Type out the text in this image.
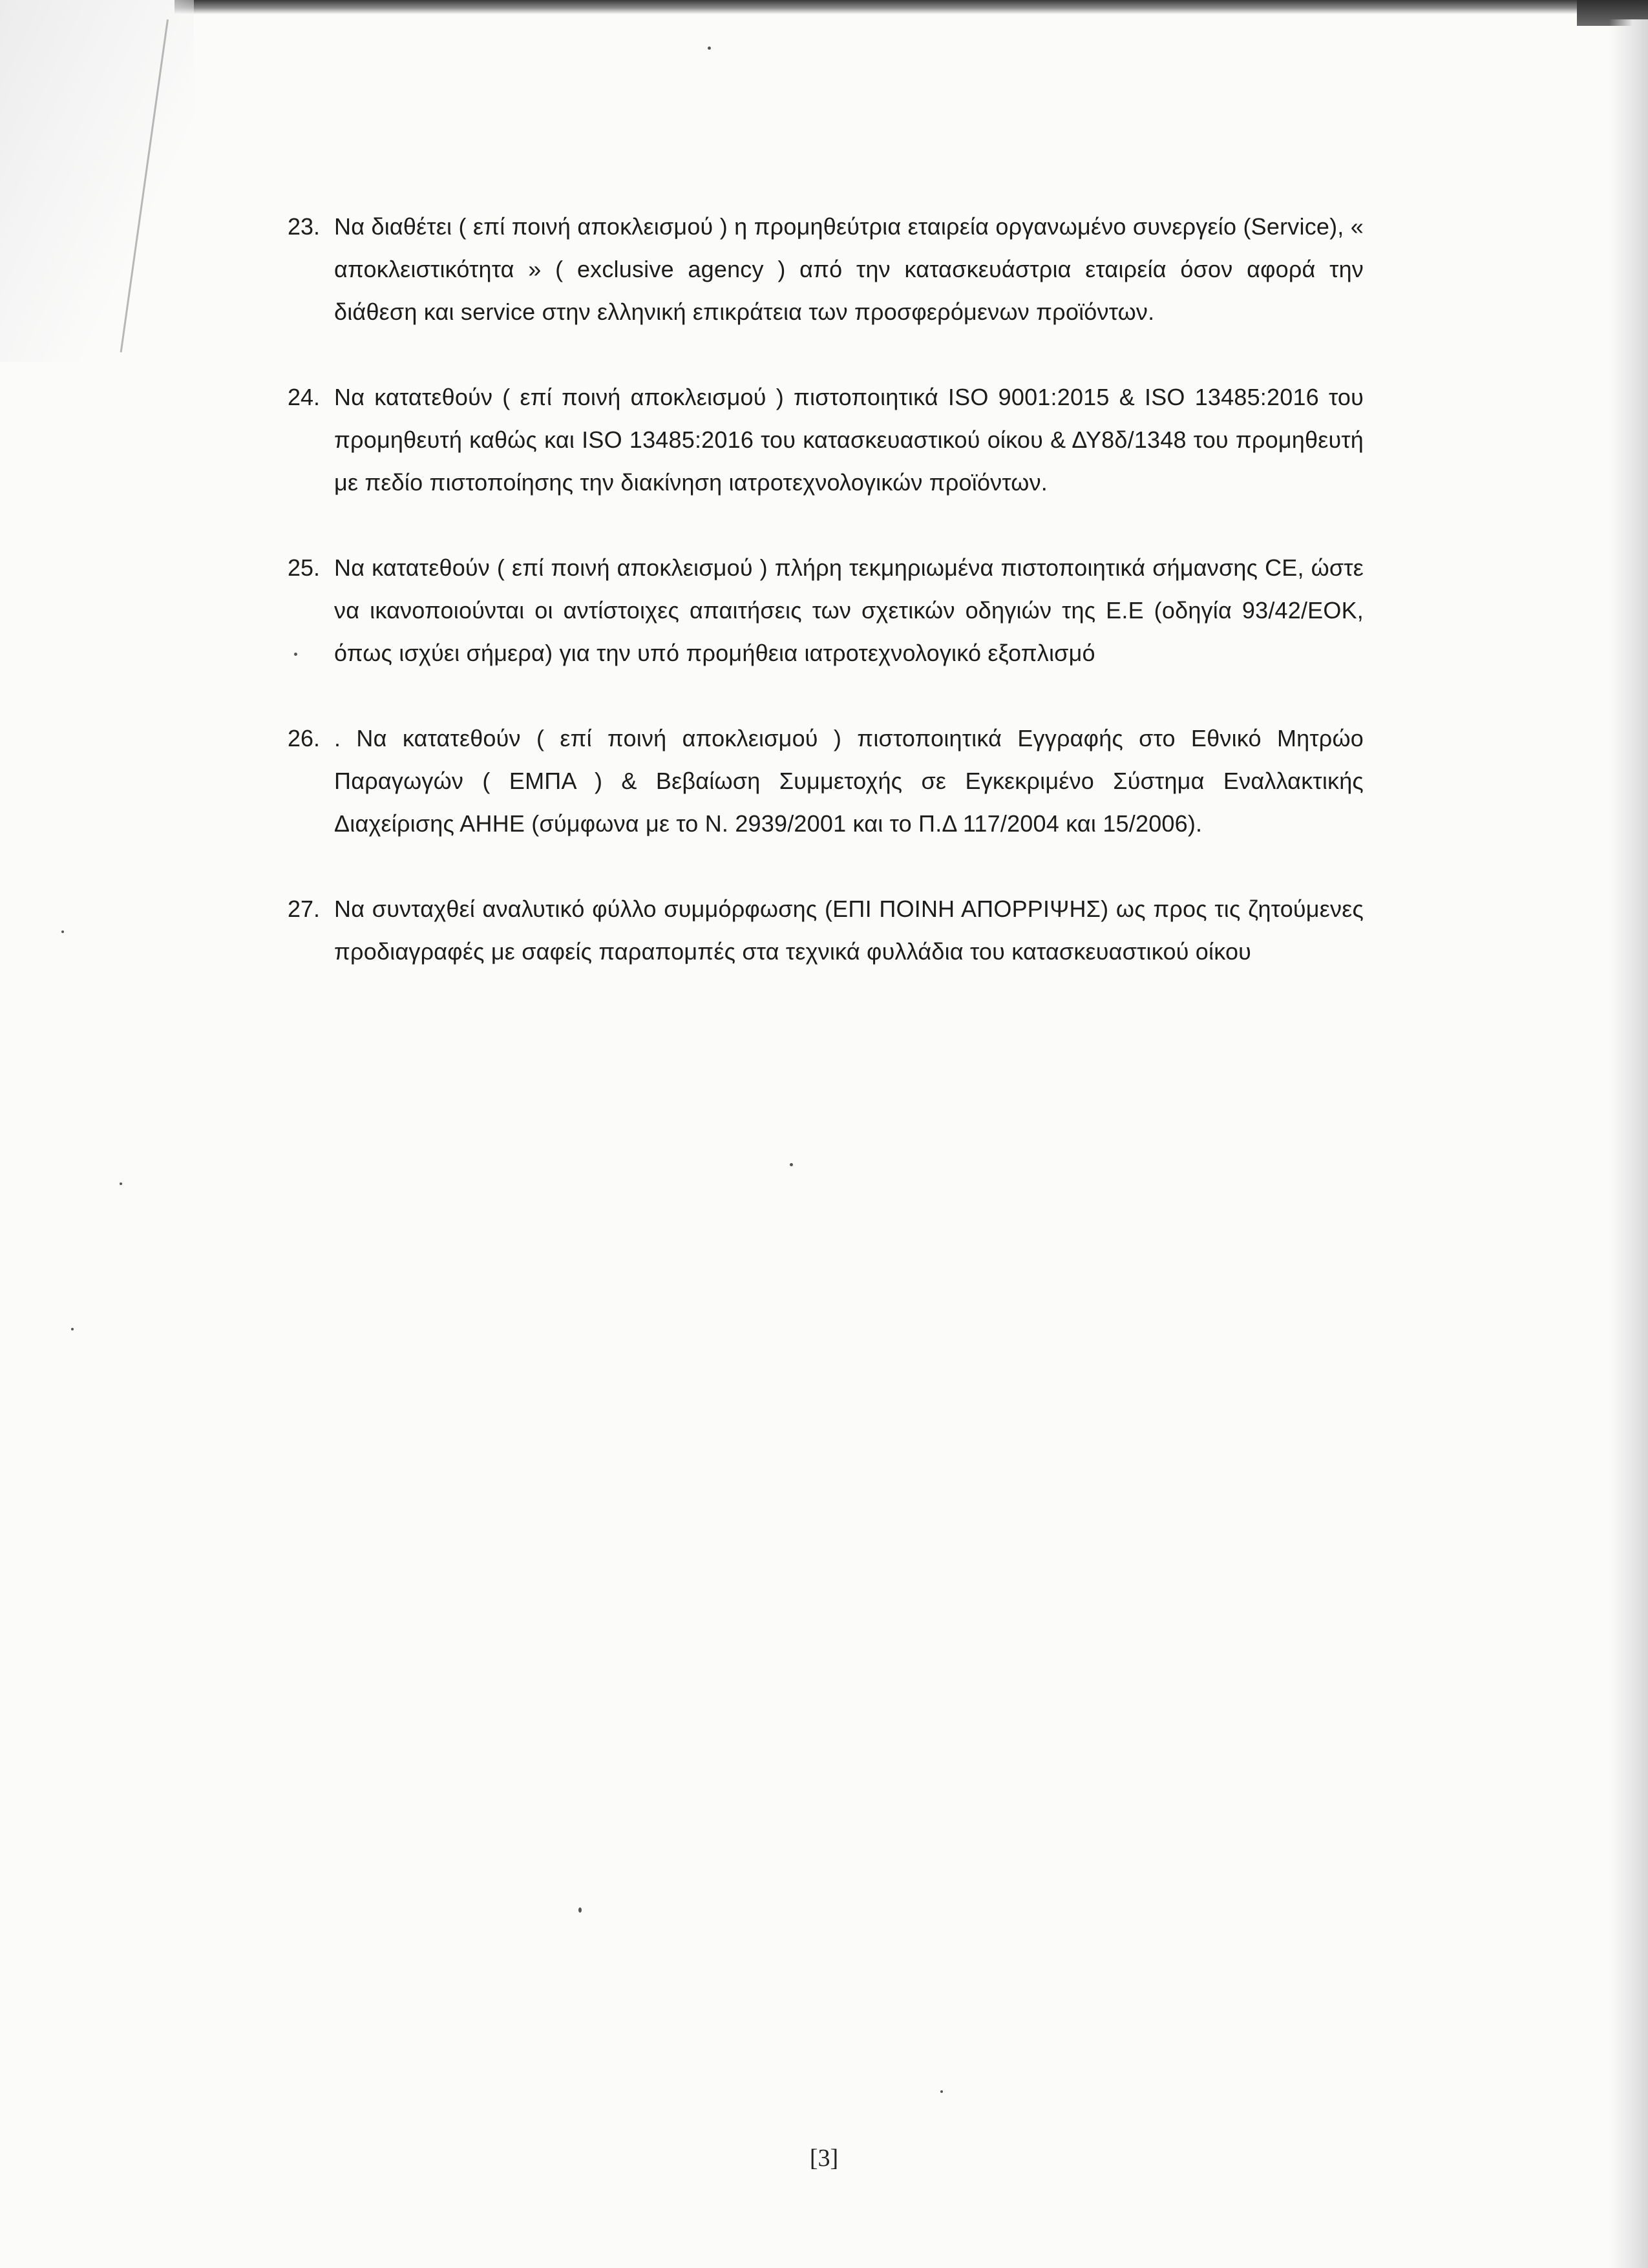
23. Να διαθέτει ( επί ποινή αποκλεισμού ) η προμηθεύτρια εταιρεία οργανωμένο συνεργείο (Service), « αποκλειστικότητα » ( exclusive agency ) από την κατασκευάστρια εταιρεία όσον αφορά την διάθεση και service στην ελληνική επικράτεια των προσφερόμενων προϊόντων.
24. Να κατατεθούν ( επί ποινή αποκλεισμού ) πιστοποιητικά ISO 9001:2015 & ISO 13485:2016 του προμηθευτή καθώς και ISO 13485:2016 του κατασκευαστικού οίκου & ΔΥ8δ/1348 του προμηθευτή με πεδίο πιστοποίησης την διακίνηση ιατροτεχνολογικών προϊόντων.
25. Να κατατεθούν ( επί ποινή αποκλεισμού ) πλήρη τεκμηριωμένα πιστοποιητικά σήμανσης CE, ώστε να ικανοποιούνται οι αντίστοιχες απαιτήσεις των σχετικών οδηγιών της Ε.Ε (οδηγία 93/42/ΕΟΚ, όπως ισχύει σήμερα) για την υπό προμήθεια ιατροτεχνολογικό εξοπλισμό
26. . Να κατατεθούν ( επί ποινή αποκλεισμού ) πιστοποιητικά Εγγραφής στο Εθνικό Μητρώο Παραγωγών ( ΕΜΠΑ ) & Βεβαίωση Συμμετοχής σε Εγκεκριμένο Σύστημα Εναλλακτικής Διαχείρισης ΑΗΗΕ (σύμφωνα με το Ν. 2939/2001 και το Π.Δ 117/2004 και 15/2006).
27. Να συνταχθεί αναλυτικό φύλλο συμμόρφωσης (ΕΠΙ ΠΟΙΝΗ ΑΠΟΡΡΙΨΗΣ) ως προς τις ζητούμενες προδιαγραφές με σαφείς παραπομπές στα τεχνικά φυλλάδια του κατασκευαστικού οίκου
[3]
